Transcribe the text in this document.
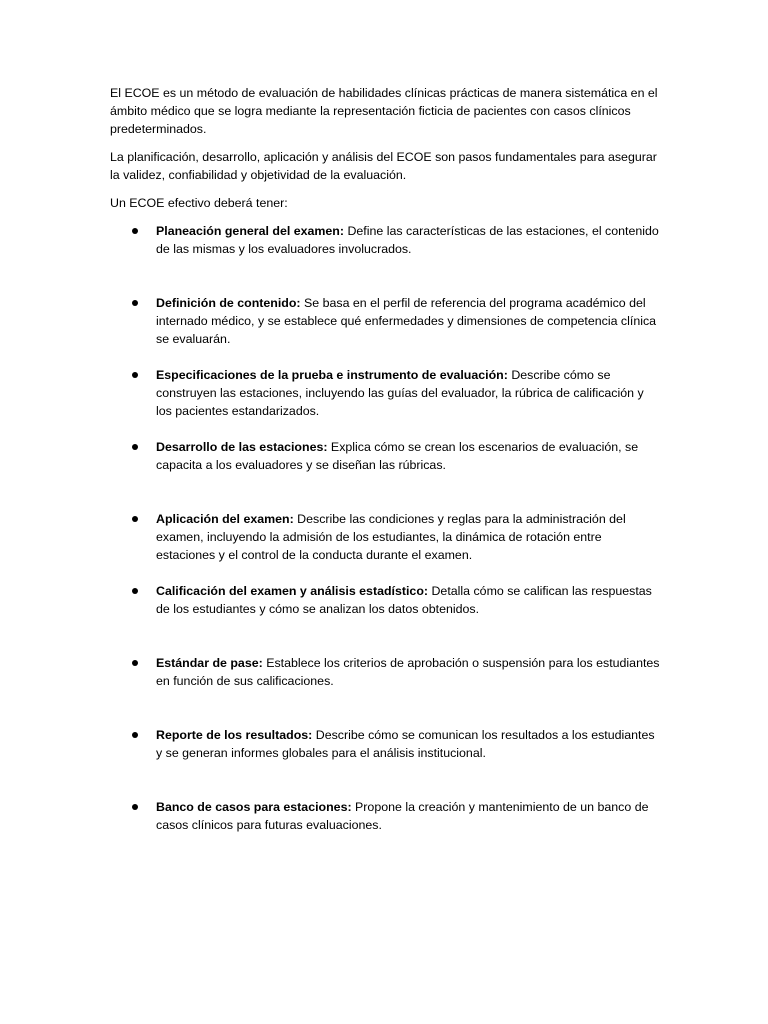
El ECOE es un método de evaluación de habilidades clínicas prácticas de manera sistemática en el ámbito médico que se logra mediante la representación ficticia de pacientes con casos clínicos predeterminados.

La planificación, desarrollo, aplicación y análisis del ECOE son pasos fundamentales para asegurar la validez, confiabilidad y objetividad de la evaluación.

Un ECOE efectivo deberá tener:

Planeación general del examen: Define las características de las estaciones, el contenido de las mismas y los evaluadores involucrados.
Definición de contenido: Se basa en el perfil de referencia del programa académico del internado médico, y se establece qué enfermedades y dimensiones de competencia clínica se evaluarán.
Especificaciones de la prueba e instrumento de evaluación: Describe cómo se construyen las estaciones, incluyendo las guías del evaluador, la rúbrica de calificación y los pacientes estandarizados.
Desarrollo de las estaciones: Explica cómo se crean los escenarios de evaluación, se capacita a los evaluadores y se diseñan las rúbricas.
Aplicación del examen: Describe las condiciones y reglas para la administración del examen, incluyendo la admisión de los estudiantes, la dinámica de rotación entre estaciones y el control de la conducta durante el examen.
Calificación del examen y análisis estadístico: Detalla cómo se califican las respuestas de los estudiantes y cómo se analizan los datos obtenidos.
Estándar de pase: Establece los criterios de aprobación o suspensión para los estudiantes en función de sus calificaciones.
Reporte de los resultados: Describe cómo se comunican los resultados a los estudiantes y se generan informes globales para el análisis institucional.
Banco de casos para estaciones: Propone la creación y mantenimiento de un banco de casos clínicos para futuras evaluaciones.
